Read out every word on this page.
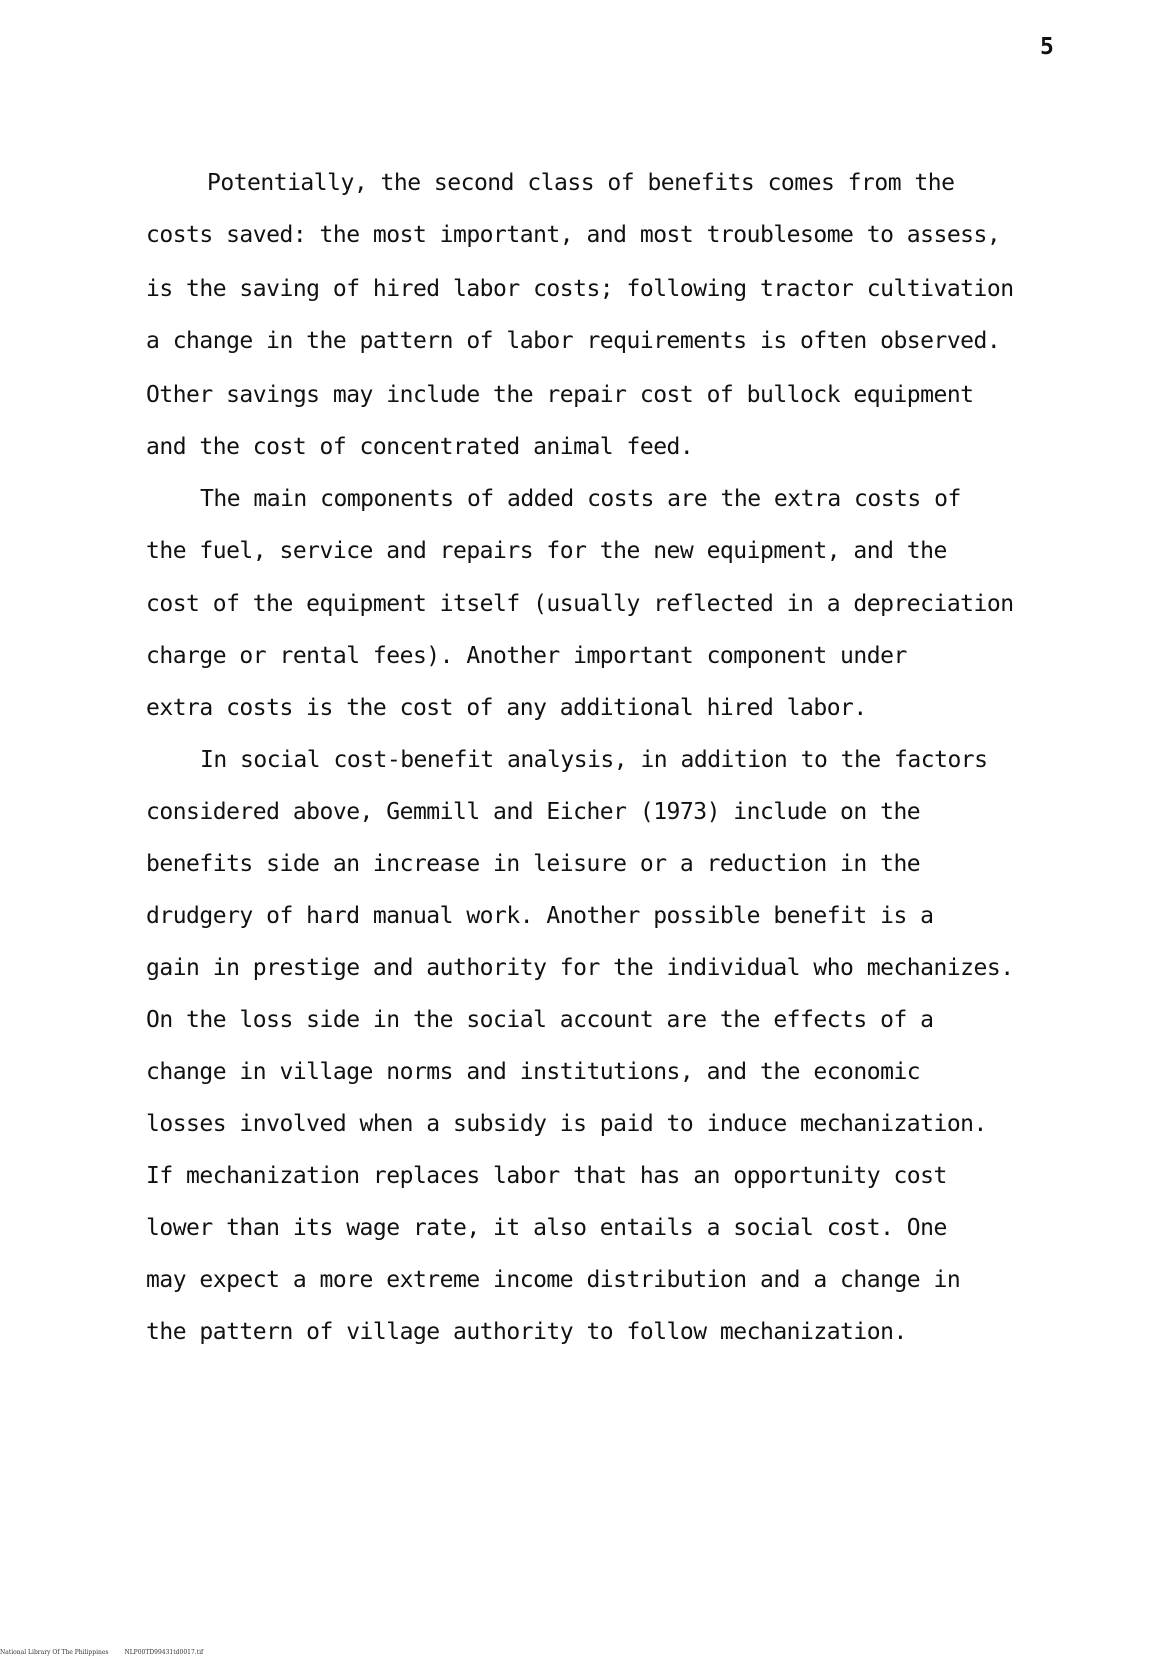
5
Potentially, the second class of benefits comes from the
costs saved: the most important, and most troublesome to assess,
is the saving of hired labor costs; following tractor cultivation
a change in the pattern of labor requirements is often observed.
Other savings may include the repair cost of bullock equipment
and the cost of concentrated animal feed.
The main components of added costs are the extra costs of
the fuel, service and repairs for the new equipment, and the
cost of the equipment itself (usually reflected in a depreciation
charge or rental fees). Another important component under
extra costs is the cost of any additional hired labor.
In social cost-benefit analysis, in addition to the factors
considered above, Gemmill and Eicher (1973) include on the
benefits side an increase in leisure or a reduction in the
drudgery of hard manual work. Another possible benefit is a
gain in prestige and authority for the individual who mechanizes.
On the loss side in the social account are the effects of a
change in village norms and institutions, and the economic
losses involved when a subsidy is paid to induce mechanization.
If mechanization replaces labor that has an opportunity cost
lower than its wage rate, it also entails a social cost. One
may expect a more extreme income distribution and a change in
the pattern of village authority to follow mechanization.
National Library Of The Philippines	NLP00TD99431td0017.tif
